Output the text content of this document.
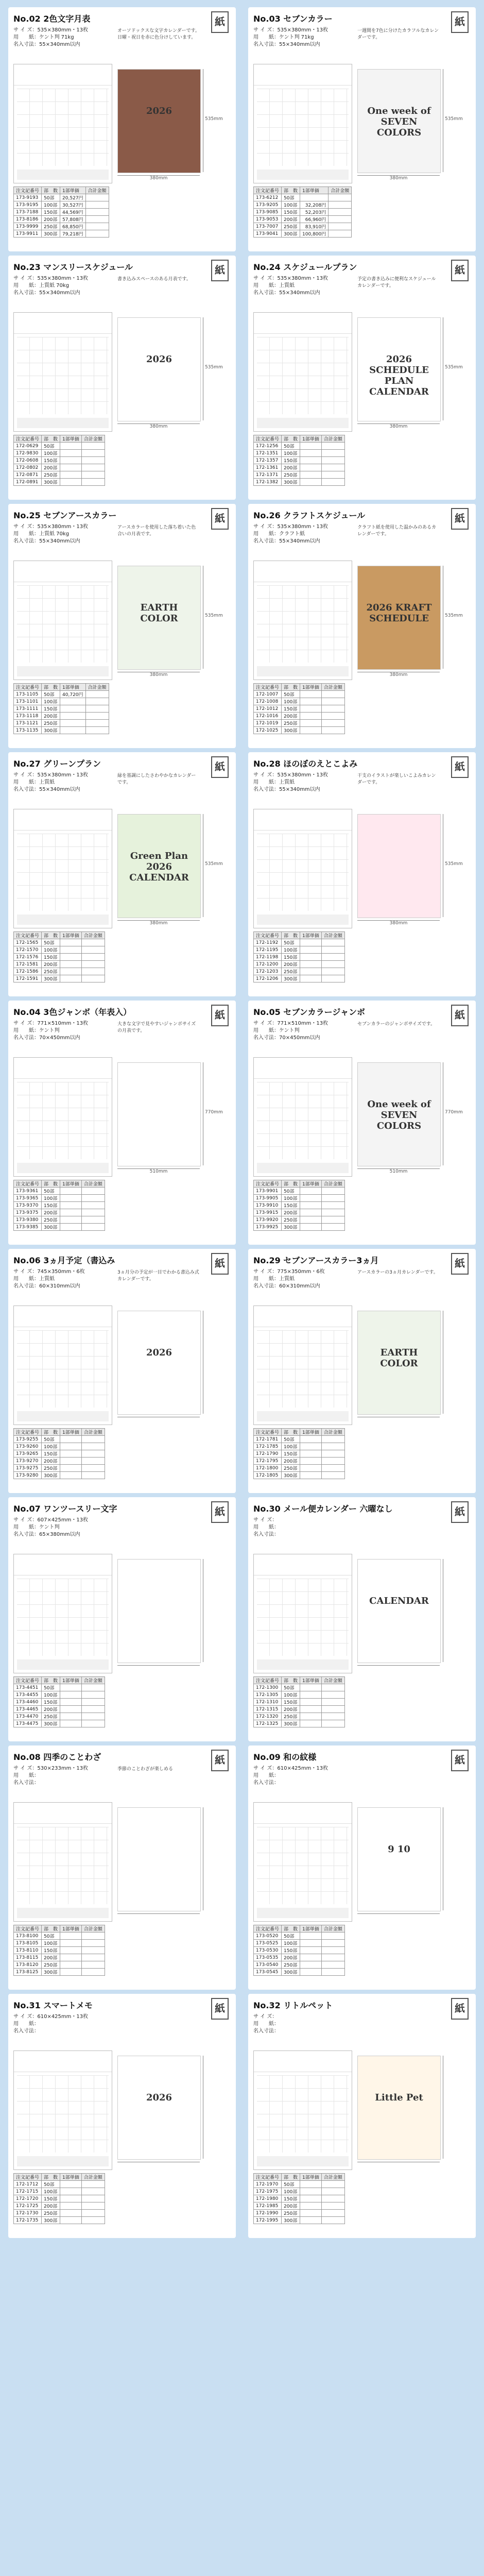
No.02 2色文字月表	紙
サ イ ズ：535×380mm・13枚
用　　紙：ケント判 71kg
名入寸法：55×340mm以内
オーソドックスな文字カレンダーです。日曜・祝日を赤に色分けしています。
2026
535mm
380mm
注文記番号	部　数	1部単価	合計金額
173-9193	50部	20,527円	
173-9195	100部	30,527円	
173-7188	150部	44,569円	
173-8186	200部	57,808円	
173-9999	250部	68,850円	
173-9911	300部	79,218円	
No.03 セブンカラー	紙
サ イ ズ：535×380mm・13枚
用　　紙：ケント判 71kg
名入寸法：55×340mm以内
一週間を7色に分けたカラフルなカレンダーです。
One week of SEVEN COLORS
535mm
380mm
注文記番号	部　数	1部単価	合計金額
173-6212	50部		
173-9205	100部	32,208円	
173-9085	150部	52,203円	
173-9053	200部	66,960円	
173-7007	250部	83,910円	
173-9041	300部	100,800円	
No.23 マンスリースケジュール	紙
サ イ ズ：535×380mm・13枚
用　　紙：上質紙 70kg
名入寸法：55×340mm以内
書き込みスペースのある月表です。
2026
535mm
380mm
注文記番号	部　数	1部単価	合計金額
172-0629	50部		
172-9830	100部		
172-0608	150部		
172-0802	200部		
172-0871	250部		
172-0891	300部		
No.24 スケジュールプラン	紙
サ イ ズ：535×380mm・13枚
用　　紙：上質紙
名入寸法：55×340mm以内
予定の書き込みに便利なスケジュールカレンダーです。
2026 SCHEDULE PLAN CALENDAR
535mm
380mm
注文記番号	部　数	1部単価	合計金額
172-1256	50部		
172-1351	100部		
172-1357	150部		
172-1361	200部		
172-1371	250部		
172-1382	300部		
No.25 セブンアースカラー	紙
サ イ ズ：535×380mm・13枚
用　　紙：上質紙 70kg
名入寸法：55×340mm以内
アースカラーを使用した落ち着いた色合いの月表です。
EARTH COLOR	535mm
380mm
注文記番号	部　数	1部単価	合計金額
173-1105	50部	40,720円	
173-1101	100部		
173-1111	150部		
173-1118	200部		
173-1121	250部		
173-1135	300部		
No.26 クラフトスケジュール	紙
サ イ ズ：535×380mm・13枚
用　　紙：クラフト紙
名入寸法：55×340mm以内
クラフト紙を使用した温かみのあるカレンダーです。
2026 KRAFT SCHEDULE	535mm
380mm
注文記番号	部　数	1部単価	合計金額
172-1007	50部		
172-1008	100部		
172-1012	150部		
172-1016	200部		
172-1019	250部		
172-1025	300部		
No.27 グリーンプラン	紙
サ イ ズ：535×380mm・13枚
用　　紙：上質紙
名入寸法：55×340mm以内
緑を基調にしたさわやかなカレンダーです。
Green Plan 2026 CALENDAR
535mm
380mm
注文記番号	部　数	1部単価	合計金額
172-1565	50部		
172-1570	100部		
172-1576	150部		
172-1581	200部		
172-1586	250部		
172-1591	300部		
No.28 ほのぼのえとこよみ	紙
サ イ ズ：535×380mm・13枚
用　　紙：上質紙
名入寸法：55×340mm以内
干支のイラストが楽しいこよみカレンダーです。
535mm
380mm
注文記番号	部　数	1部単価	合計金額
172-1192	50部		
172-1195	100部		
172-1198	150部		
172-1200	200部		
172-1203	250部		
172-1206	300部		
No.04 3色ジャンボ（年表入）	紙
サ イ ズ：771×510mm・13枚
用　　紙：ケント判
名入寸法：70×450mm以内
大きな文字で見やすいジャンボサイズの月表です。
770mm
510mm
注文記番号	部　数	1部単価	合計金額
173-9361	50部		
173-9365	100部		
173-9370	150部		
173-9375	200部		
173-9380	250部		
173-9385	300部		
No.05 セブンカラージャンボ	紙
サ イ ズ：771×510mm・13枚
用　　紙：ケント判
名入寸法：70×450mm以内
セブンカラーのジャンボサイズです。
One week of SEVEN COLORS
770mm
510mm
注文記番号	部　数	1部単価	合計金額
173-9901	50部		
173-9905	100部		
173-9910	150部		
173-9915	200部		
173-9920	250部		
173-9925	300部		
No.06 3ヵ月予定（書込み	紙
サ イ ズ：745×350mm・6枚
用　　紙：上質紙
名入寸法：60×310mm以内
3ヵ月分の予定が一目でわかる書込み式カレンダーです。
2026
注文記番号	部　数	1部単価	合計金額
173-9255	50部		
173-9260	100部		
173-9265	150部		
173-9270	200部		
173-9275	250部		
173-9280	300部		
No.29 セブンアースカラー3ヵ月	紙
サ イ ズ：775×350mm・6枚
用　　紙：上質紙
名入寸法：60×310mm以内
アースカラーの3ヵ月カレンダーです。
EARTH COLOR
注文記番号	部　数	1部単価	合計金額
172-1781	50部		
172-1785	100部		
172-1790	150部		
172-1795	200部		
172-1800	250部		
172-1805	300部		
No.07 ワンツースリー文字	紙
サ イ ズ：607×425mm・13枚
用　　紙：ケント判
名入寸法：65×380mm以内
注文記番号	部　数	1部単価	合計金額
173-4451	50部		
173-4455	100部		
173-4460	150部		
173-4465	200部		
173-4470	250部		
173-4475	300部		
No.30 メール便カレンダー 六曜なし	紙
サ イ ズ：
用　　紙：
名入寸法：
CALENDAR
注文記番号	部　数	1部単価	合計金額
172-1300	50部		
172-1305	100部		
172-1310	150部		
172-1315	200部		
172-1320	250部		
172-1325	300部		
No.08 四季のことわざ	紙
サ イ ズ：530×233mm・13枚
用　　紙：
名入寸法：
季節のことわざが楽しめる
注文記番号	部　数	1部単価	合計金額
173-8100	50部		
173-8105	100部		
173-8110	150部		
173-8115	200部		
173-8120	250部		
173-8125	300部		
No.09 和の紋様	紙
サ イ ズ：610×425mm・13枚
用　　紙：
名入寸法：
9 10
注文記番号	部　数	1部単価	合計金額
173-0520	50部		
173-0525	100部		
173-0530	150部		
173-0535	200部		
173-0540	250部		
173-0545	300部		
No.31 スマートメモ	紙
サ イ ズ：610×425mm・13枚
用　　紙：
名入寸法：
2026
注文記番号	部　数	1部単価	合計金額
172-1712	50部		
172-1715	100部		
172-1720	150部		
172-1725	200部		
172-1730	250部		
172-1735	300部		
No.32 リトルペット	紙
サ イ ズ：
用　　紙：
名入寸法：
Little Pet
注文記番号	部　数	1部単価	合計金額
172-1970	50部		
172-1975	100部		
172-1980	150部		
172-1985	200部		
172-1990	250部		
172-1995	300部		
